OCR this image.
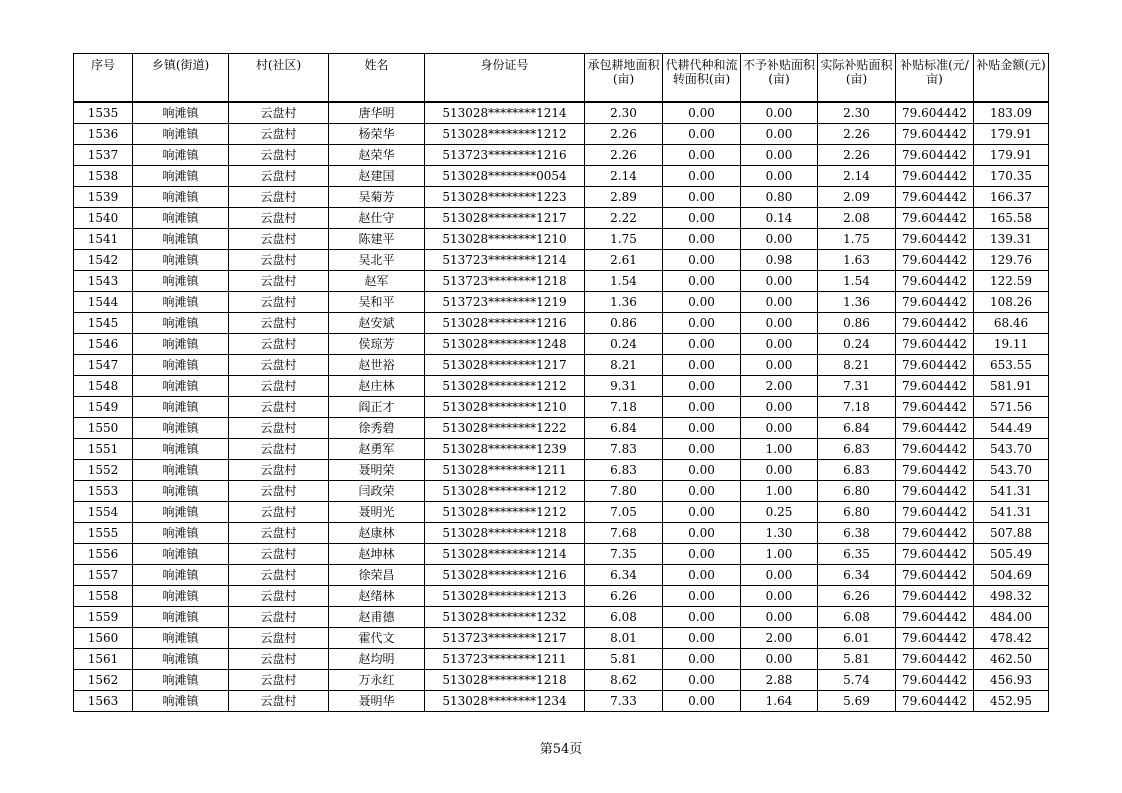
序号	乡镇(街道)	村(社区)	姓名	身份证号	承包耕地面积(亩)	代耕代种和流转面积(亩)	不予补贴面积(亩)	实际补贴面积(亩)	补贴标准(元/亩)	补贴金额(元)
1535	响滩镇	云盘村	唐华明	513028********1214	2.30	0.00	0.00	2.30	79.604442	183.09
1536	响滩镇	云盘村	杨荣华	513028********1212	2.26	0.00	0.00	2.26	79.604442	179.91
1537	响滩镇	云盘村	赵荣华	513723********1216	2.26	0.00	0.00	2.26	79.604442	179.91
1538	响滩镇	云盘村	赵建国	513028********0054	2.14	0.00	0.00	2.14	79.604442	170.35
1539	响滩镇	云盘村	吴菊芳	513028********1223	2.89	0.00	0.80	2.09	79.604442	166.37
1540	响滩镇	云盘村	赵仕守	513028********1217	2.22	0.00	0.14	2.08	79.604442	165.58
1541	响滩镇	云盘村	陈建平	513028********1210	1.75	0.00	0.00	1.75	79.604442	139.31
1542	响滩镇	云盘村	吴北平	513723********1214	2.61	0.00	0.98	1.63	79.604442	129.76
1543	响滩镇	云盘村	赵军	513723********1218	1.54	0.00	0.00	1.54	79.604442	122.59
1544	响滩镇	云盘村	吴和平	513723********1219	1.36	0.00	0.00	1.36	79.604442	108.26
1545	响滩镇	云盘村	赵安斌	513028********1216	0.86	0.00	0.00	0.86	79.604442	68.46
1546	响滩镇	云盘村	侯琼芳	513028********1248	0.24	0.00	0.00	0.24	79.604442	19.11
1547	响滩镇	云盘村	赵世裕	513028********1217	8.21	0.00	0.00	8.21	79.604442	653.55
1548	响滩镇	云盘村	赵庄林	513028********1212	9.31	0.00	2.00	7.31	79.604442	581.91
1549	响滩镇	云盘村	阎正才	513028********1210	7.18	0.00	0.00	7.18	79.604442	571.56
1550	响滩镇	云盘村	徐秀碧	513028********1222	6.84	0.00	0.00	6.84	79.604442	544.49
1551	响滩镇	云盘村	赵勇军	513028********1239	7.83	0.00	1.00	6.83	79.604442	543.70
1552	响滩镇	云盘村	聂明荣	513028********1211	6.83	0.00	0.00	6.83	79.604442	543.70
1553	响滩镇	云盘村	闫政荣	513028********1212	7.80	0.00	1.00	6.80	79.604442	541.31
1554	响滩镇	云盘村	聂明光	513028********1212	7.05	0.00	0.25	6.80	79.604442	541.31
1555	响滩镇	云盘村	赵康林	513028********1218	7.68	0.00	1.30	6.38	79.604442	507.88
1556	响滩镇	云盘村	赵坤林	513028********1214	7.35	0.00	1.00	6.35	79.604442	505.49
1557	响滩镇	云盘村	徐荣昌	513028********1216	6.34	0.00	0.00	6.34	79.604442	504.69
1558	响滩镇	云盘村	赵绪林	513028********1213	6.26	0.00	0.00	6.26	79.604442	498.32
1559	响滩镇	云盘村	赵甫德	513028********1232	6.08	0.00	0.00	6.08	79.604442	484.00
1560	响滩镇	云盘村	霍代文	513723********1217	8.01	0.00	2.00	6.01	79.604442	478.42
1561	响滩镇	云盘村	赵均明	513723********1211	5.81	0.00	0.00	5.81	79.604442	462.50
1562	响滩镇	云盘村	万永红	513028********1218	8.62	0.00	2.88	5.74	79.604442	456.93
1563	响滩镇	云盘村	聂明华	513028********1234	7.33	0.00	1.64	5.69	79.604442	452.95
第54页
